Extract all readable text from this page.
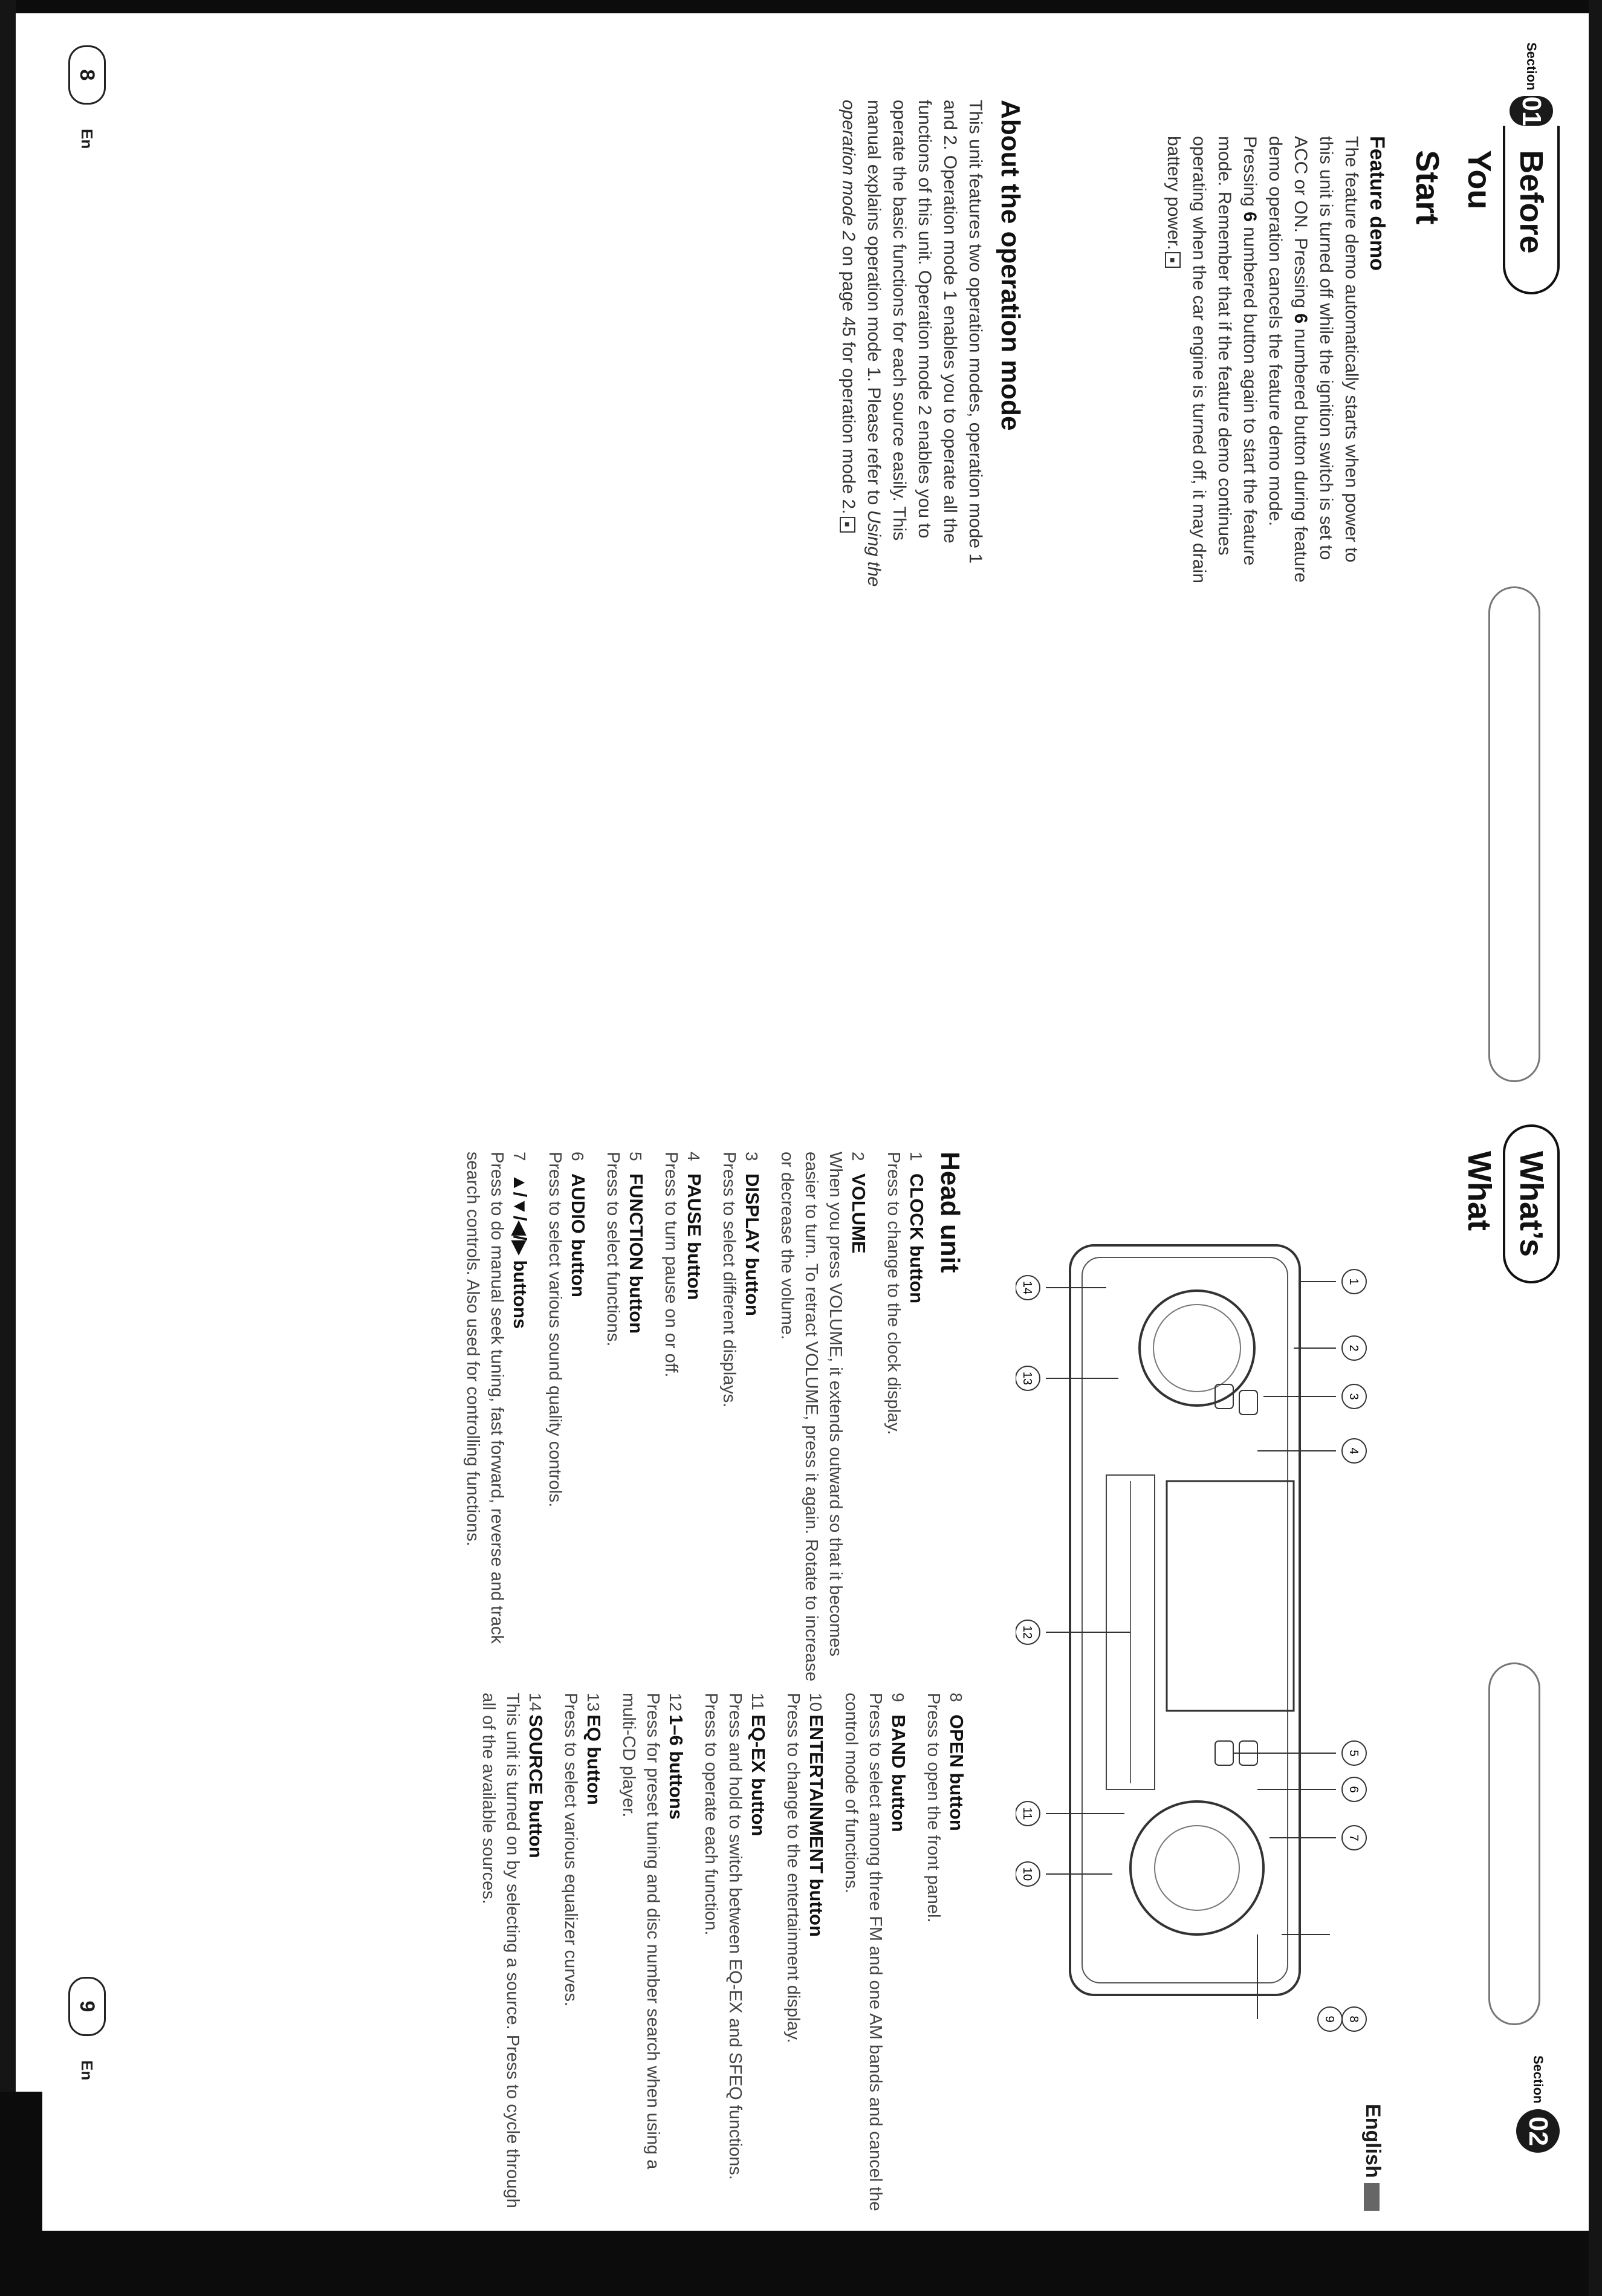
Section
01
Before You Start
Feature demo

The feature demo automatically starts when power to this unit is turned off while the ignition switch is set to ACC or ON. Pressing 6 numbered button during feature demo operation cancels the feature demo mode. Pressing 6 numbered button again to start the feature mode. Remember that if the feature demo continues operating when the car engine is turned off, it may drain battery power.■

About the operation mode

This unit features two operation modes, operation mode 1 and 2. Operation mode 1 enables you to operate all the functions of this unit. Operation mode 2 enables you to operate the basic functions for each source easily. This manual explains operation mode 1. Please refer to Using the operation mode 2 on page 45 for operation mode 2.■

8
En
What’s What
Section
02
English
1
2
3
4
5
6
7
8
9
10
11
12
13
14
Head unit
1CLOCK button
Press to change to the clock display.
2VOLUME
When you press VOLUME, it extends outward so that it becomes easier to turn. To retract VOLUME, press it again. Rotate to increase or decrease the volume.
3DISPLAY button
Press to select different displays.
4PAUSE button
Press to turn pause on or off.
5FUNCTION button
Press to select functions.
6AUDIO button
Press to select various sound quality controls.
7▲/▼/◀/▶ buttons
Press to do manual seek tuning, fast forward, reverse and track search controls. Also used for controlling functions.
8OPEN button
Press to open the front panel.
9BAND button
Press to select among three FM and one AM bands and cancel the control mode of functions.
10ENTERTAINMENT button
Press to change to the entertainment display.
11EQ-EX button
Press and hold to switch between EQ-EX and SFEQ functions. Press to operate each function.
121–6 buttons
Press for preset tuning and disc number search when using a multi-CD player.
13EQ button
Press to select various equalizer curves.
14SOURCE button
This unit is turned on by selecting a source. Press to cycle through all of the available sources.
9
En
